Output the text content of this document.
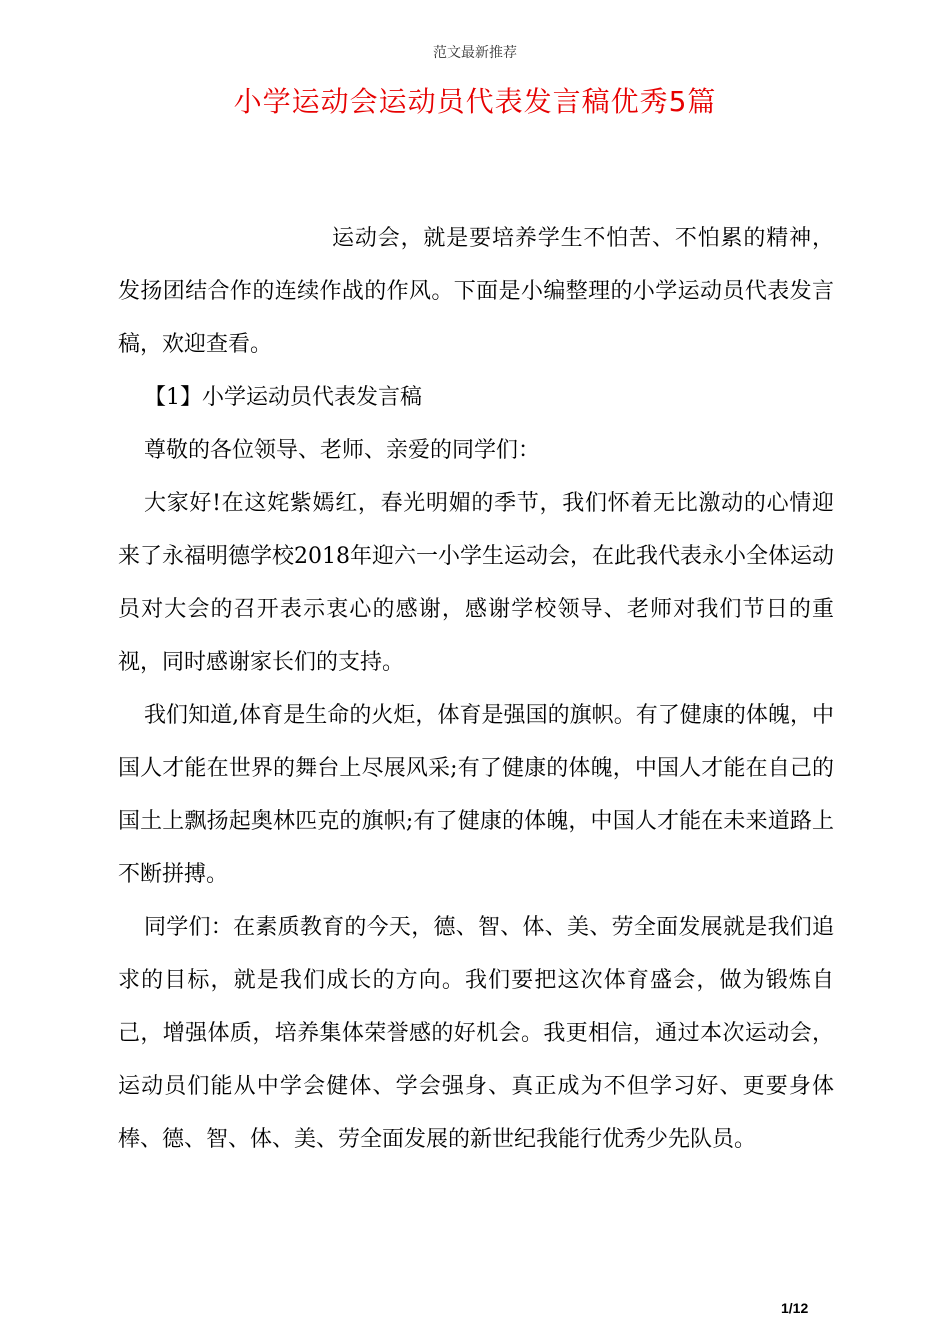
范文最新推荐
小学运动会运动员代表发言稿优秀5篇

运动会，就是要培养学生不怕苦、不怕累的精神，发扬团结合作的连续作战的作风。下面是小编整理的小学运动员代表发言稿，欢迎查看。

【1】小学运动员代表发言稿

尊敬的各位领导、老师、亲爱的同学们：

大家好!在这姹紫嫣红，春光明媚的季节，我们怀着无比激动的心情迎来了永福明德学校2018年迎六一小学生运动会，在此我代表永小全体运动员对大会的召开表示衷心的感谢，感谢学校领导、老师对我们节日的重视，同时感谢家长们的支持。

我们知道,体育是生命的火炬，体育是强国的旗帜。有了健康的体魄，中国人才能在世界的舞台上尽展风采;有了健康的体魄，中国人才能在自己的国土上飘扬起奥林匹克的旗帜;有了健康的体魄，中国人才能在未来道路上不断拼搏。

同学们：在素质教育的今天，德、智、体、美、劳全面发展就是我们追求的目标，就是我们成长的方向。我们要把这次体育盛会，做为锻炼自己，增强体质，培养集体荣誉感的好机会。我更相信，通过本次运动会，运动员们能从中学会健体、学会强身、真正成为不但学习好、更要身体棒、德、智、体、美、劳全面发展的新世纪我能行优秀少先队员。

1/12
